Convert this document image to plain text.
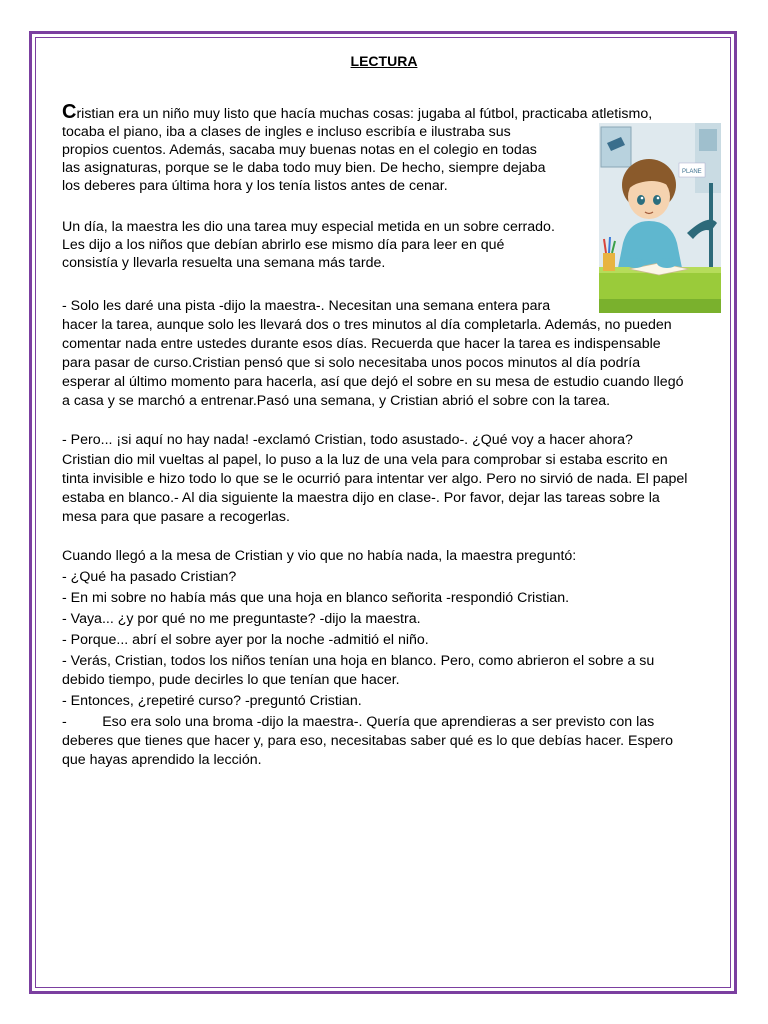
LECTURA
PLANE
Cristian era un niño muy listo que hacía muchas cosas: jugaba al fútbol, practicaba atletismo,
tocaba el piano, iba a clases de ingles e incluso escribía e ilustraba sus
propios cuentos. Además, sacaba muy buenas notas en el colegio en todas
las asignaturas, porque se le daba todo muy bien. De hecho, siempre dejaba
los deberes para última hora y los tenía listos antes de cenar.
Un día, la maestra les dio una tarea muy especial metida en un sobre cerrado.
Les dijo a los niños que debían abrirlo ese mismo día para leer en qué
consistía y llevarla resuelta una semana más tarde.
- Solo les daré una pista -dijo la maestra-. Necesitan una semana entera para
hacer la tarea, aunque solo les llevará dos o tres minutos al día completarla. Además, no pueden
comentar nada entre ustedes durante esos días. Recuerda que hacer la tarea es indispensable
para pasar de curso.Cristian pensó que si solo necesitaba unos pocos minutos al día podría
esperar al último momento para hacerla, así que dejó el sobre en su mesa de estudio cuando llegó
a casa y se marchó a entrenar.Pasó una semana, y Cristian abrió el sobre con la tarea.
- Pero... ¡si aquí no hay nada! -exclamó Cristian, todo asustado-. ¿Qué voy a hacer ahora?
Cristian dio mil vueltas al papel, lo puso a la luz de una vela para comprobar si estaba escrito en
tinta invisible e hizo todo lo que se le ocurrió para intentar ver algo. Pero no sirvió de nada. El papel
estaba en blanco.- Al dia siguiente la maestra dijo en clase-. Por favor, dejar las tareas sobre la
mesa para que pasare a recogerlas.
Cuando llegó a la mesa de Cristian y vio que no había nada, la maestra preguntó:
- ¿Qué ha pasado Cristian?
- En mi sobre no había más que una hoja en blanco señorita -respondió Cristian.
- Vaya... ¿y por qué no me preguntaste? -dijo la maestra.
- Porque... abrí el sobre ayer por la noche -admitió el niño.
- Verás, Cristian, todos los niños tenían una hoja en blanco. Pero, como abrieron el sobre a su
debido tiempo, pude decirles lo que tenían que hacer.
- Entonces, ¿repetiré curso? -preguntó Cristian.
-         Eso era solo una broma -dijo la maestra-. Quería que aprendieras a ser previsto con las
deberes que tienes que hacer y, para eso, necesitabas saber qué es lo que debías hacer. Espero
que hayas aprendido la lección.
